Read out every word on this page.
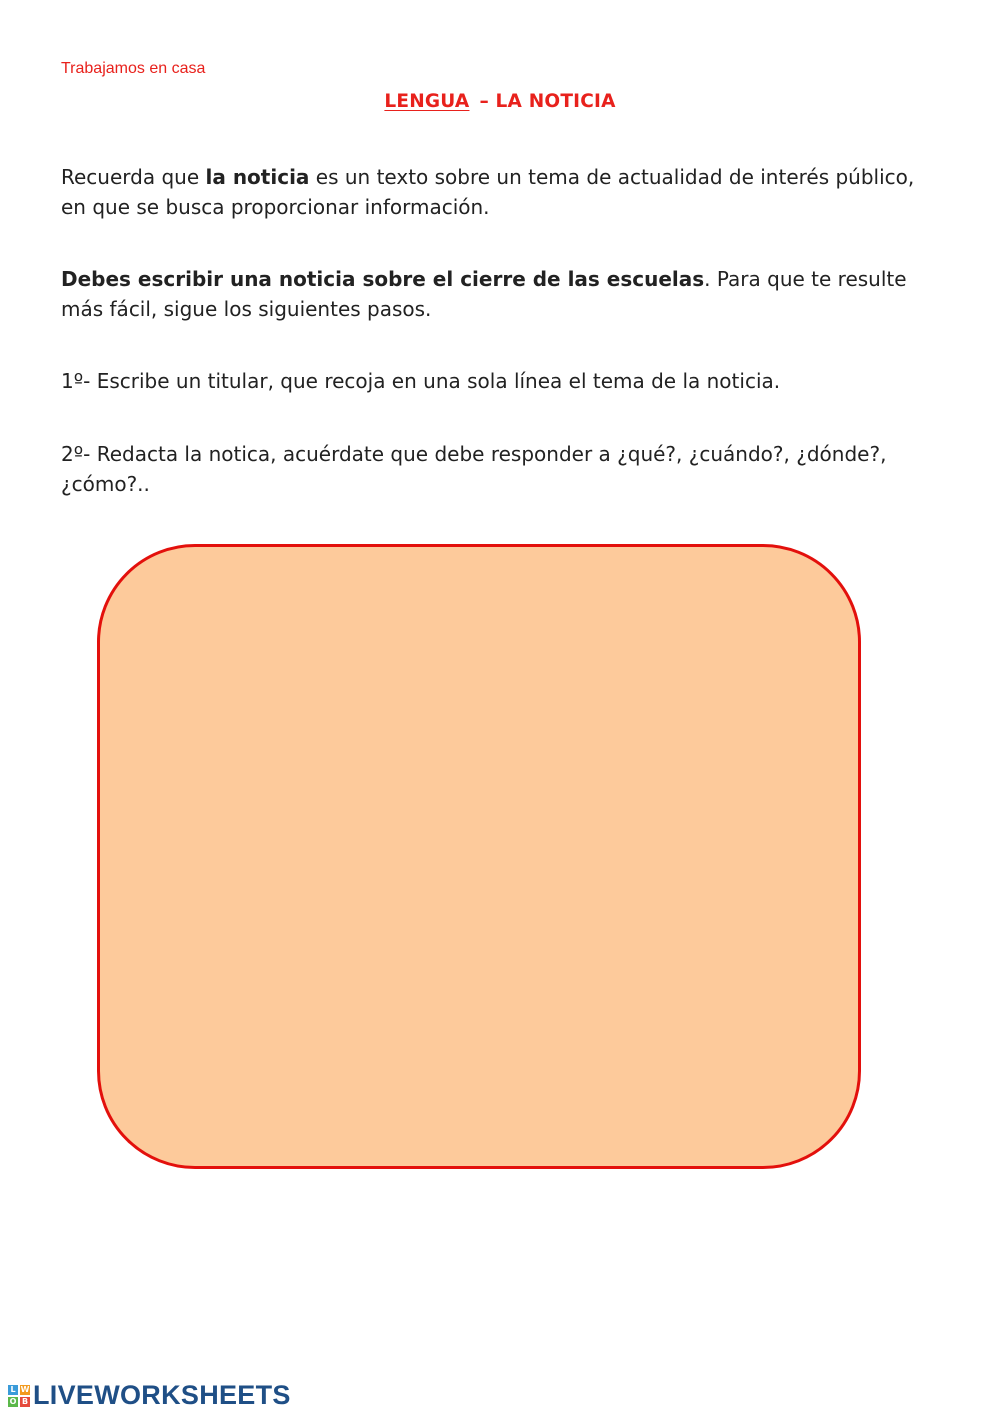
Trabajamos en casa
LENGUA – LA NOTICIA
Recuerda que la noticia es un texto sobre un tema de actualidad de interés público, en que se busca proporcionar información.
Debes escribir una noticia sobre el cierre de las escuelas. Para que te resulte más fácil, sigue los siguientes pasos.
1º- Escribe un titular, que recoja en una sola línea el tema de la noticia.
2º- Redacta la notica, acuérdate que debe responder a ¿qué?, ¿cuándo?, ¿dónde?, ¿cómo?..
L W
O B LIVEWORKSHEETS
